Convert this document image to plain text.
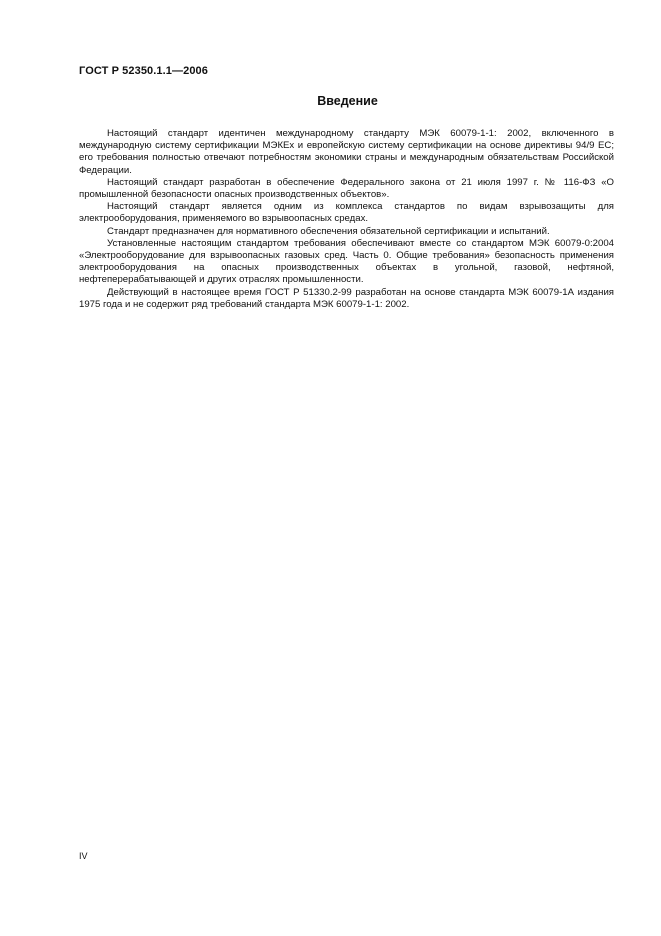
ГОСТ Р 52350.1.1—2006
Введение

Настоящий стандарт идентичен международному стандарту МЭК 60079-1-1: 2002, включенного в международную систему сертификации МЭКЕх и европейскую систему сертификации на основе директивы 94/9 ЕС; его требования полностью отвечают потребностям экономики страны и международным обязательствам Российской Федерации.

Настоящий стандарт разработан в обеспечение Федерального закона от 21 июля 1997 г. № 116-ФЗ «О промышленной безопасности опасных производственных объектов».

Настоящий стандарт является одним из комплекса стандартов по видам взрывозащиты для электрооборудования, применяемого во взрывоопасных средах.

Стандарт предназначен для нормативного обеспечения обязательной сертификации и испытаний.

Установленные настоящим стандартом требования обеспечивают вместе со стандартом МЭК 60079-0:2004 «Электрооборудование для взрывоопасных газовых сред. Часть 0. Общие требования» безопасность применения электрооборудования на опасных производственных объектах в угольной, газовой, нефтяной, нефтеперерабатывающей и других отраслях промышленности.

Действующий в настоящее время ГОСТ Р 51330.2-99 разработан на основе стандарта МЭК 60079-1А издания 1975 года и не содержит ряд требований стандарта МЭК 60079-1-1: 2002.

IV
